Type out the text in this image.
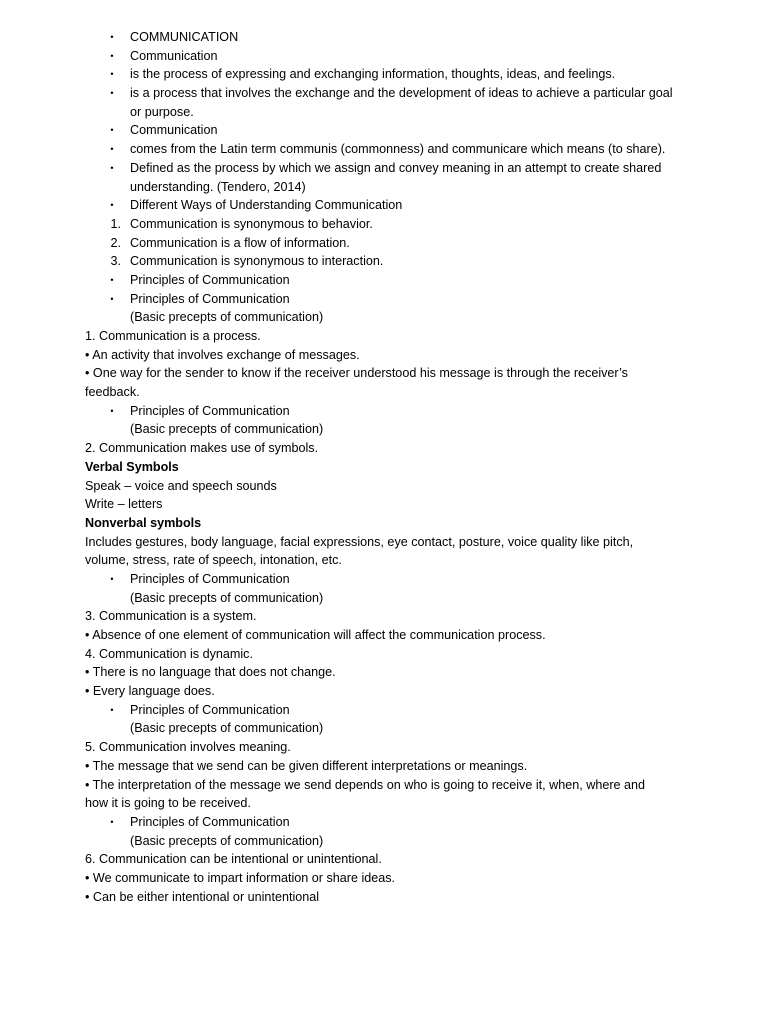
• COMMUNICATION
• Communication
• is the process of expressing and exchanging information, thoughts, ideas, and feelings.
• is a process that involves the exchange and the development of ideas to achieve a particular goal
or purpose.
• Communication
• comes from the Latin term communis (commonness) and communicare which means (to share).
• Defined as the process by which we assign and convey meaning in an attempt to create shared
understanding. (Tendero, 2014)
• Different Ways of Understanding Communication
1. Communication is synonymous to behavior.
2. Communication is a flow of information.
3. Communication is synonymous to interaction.
• Principles of Communication
• Principles of Communication
(Basic precepts of communication)
1. Communication is a process.
• An activity that involves exchange of messages.
• One way for the sender to know if the receiver understood his message is through the receiver’s
feedback.
• Principles of Communication
(Basic precepts of communication)
2. Communication makes use of symbols.
Verbal Symbols
Speak – voice and speech sounds
Write – letters
Nonverbal symbols
Includes gestures, body language, facial expressions, eye contact, posture, voice quality like pitch,
volume, stress, rate of speech, intonation, etc.
• Principles of Communication
(Basic precepts of communication)
3. Communication is a system.
• Absence of one element of communication will affect the communication process.
4. Communication is dynamic.
• There is no language that does not change.
• Every language does.
• Principles of Communication
(Basic precepts of communication)
5. Communication involves meaning.
• The message that we send can be given different interpretations or meanings.
• The interpretation of the message we send depends on who is going to receive it, when, where and
how it is going to be received.
• Principles of Communication
(Basic precepts of communication)
6. Communication can be intentional or unintentional.
• We communicate to impart information or share ideas.
• Can be either intentional or unintentional
